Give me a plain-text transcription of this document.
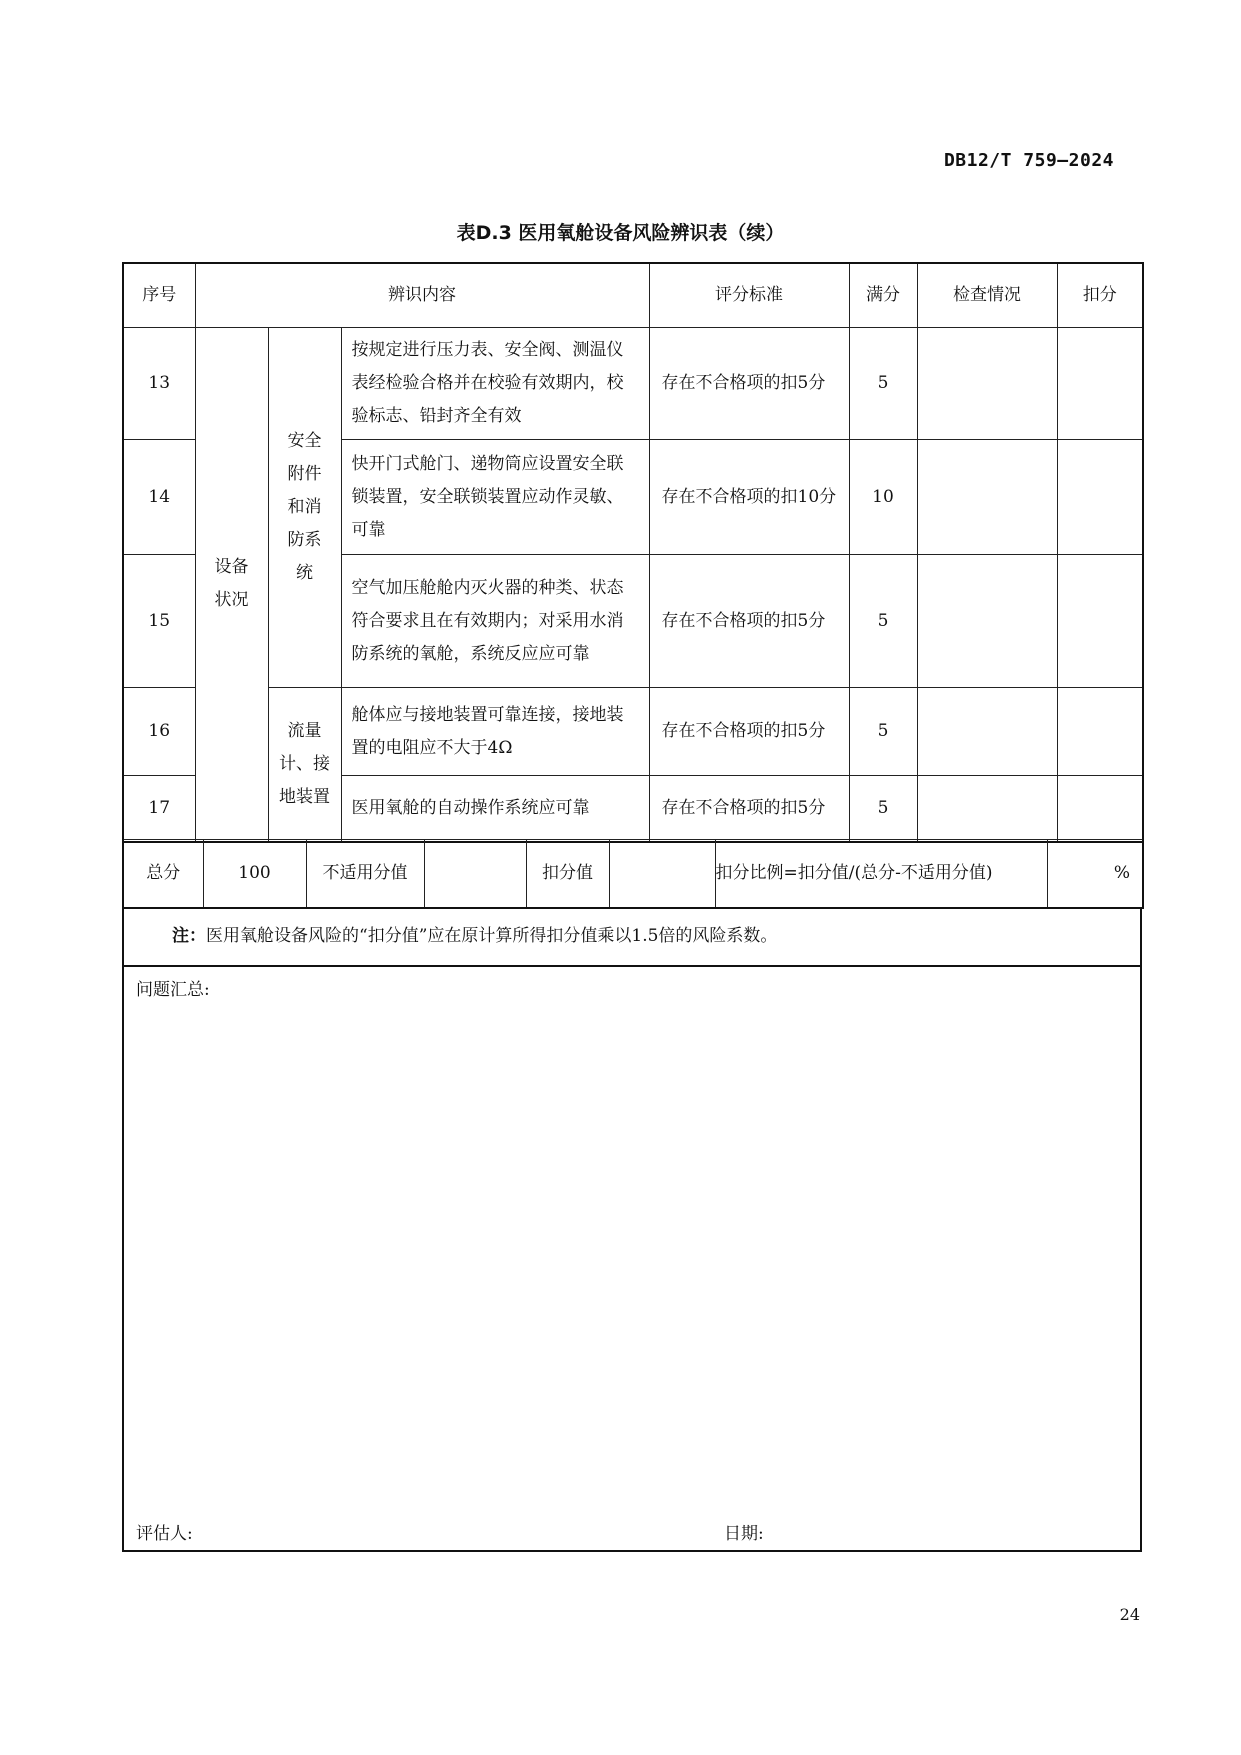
DB12/T 759—2024
表D.3 医用氧舱设备风险辨识表（续）
序号	辨识内容			评分标准	满分	检查情况	扣分
13	设备状况	安全附件和消防系统	按规定进行压力表、安全阀、测温仪表经检验合格并在校验有效期内，校验标志、铅封齐全有效	存在不合格项的扣5分	5		
14			快开门式舱门、递物筒应设置安全联锁装置，安全联锁装置应动作灵敏、可靠	存在不合格项的扣10分	10		
15			空气加压舱舱内灭火器的种类、状态符合要求且在有效期内；对采用水消防系统的氧舱，系统反应应可靠	存在不合格项的扣5分	5		
16		流量计、接地装置	舱体应与接地装置可靠连接，接地装置的电阻应不大于4Ω	存在不合格项的扣5分	5		
17			医用氧舱的自动操作系统应可靠	存在不合格项的扣5分	5		
总分	100	不适用分值		扣分值		扣分比例=扣分值/(总分-不适用分值)	%
注：医用氧舱设备风险的“扣分值”应在原计算所得扣分值乘以1.5倍的风险系数。
问题汇总:
评估人:	日期:
24
